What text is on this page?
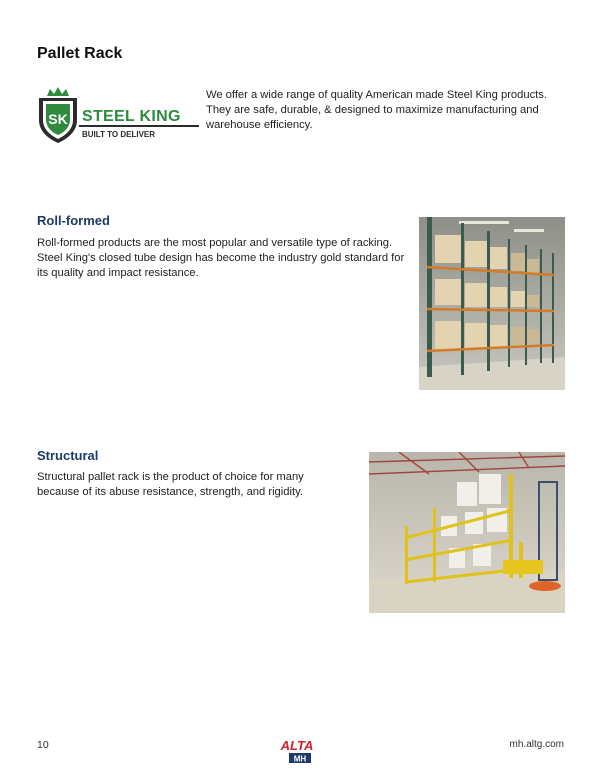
Pallet Rack
SK STEEL KING
BUILT TO DELIVER
We offer a wide range of quality American made Steel King products. They are safe, durable, & designed to maximize manufacturing and warehouse efficiency.
Roll-formed
Roll-formed products are the most popular and versatile type of racking. Steel King's closed tube design has become the industry gold standard for its quality and impact resistance.
Structural
Structural pallet rack is the product of choice for many because of its abuse resistance, strength, and rigidity.
10	ALTA
MH
mh.altg.com
